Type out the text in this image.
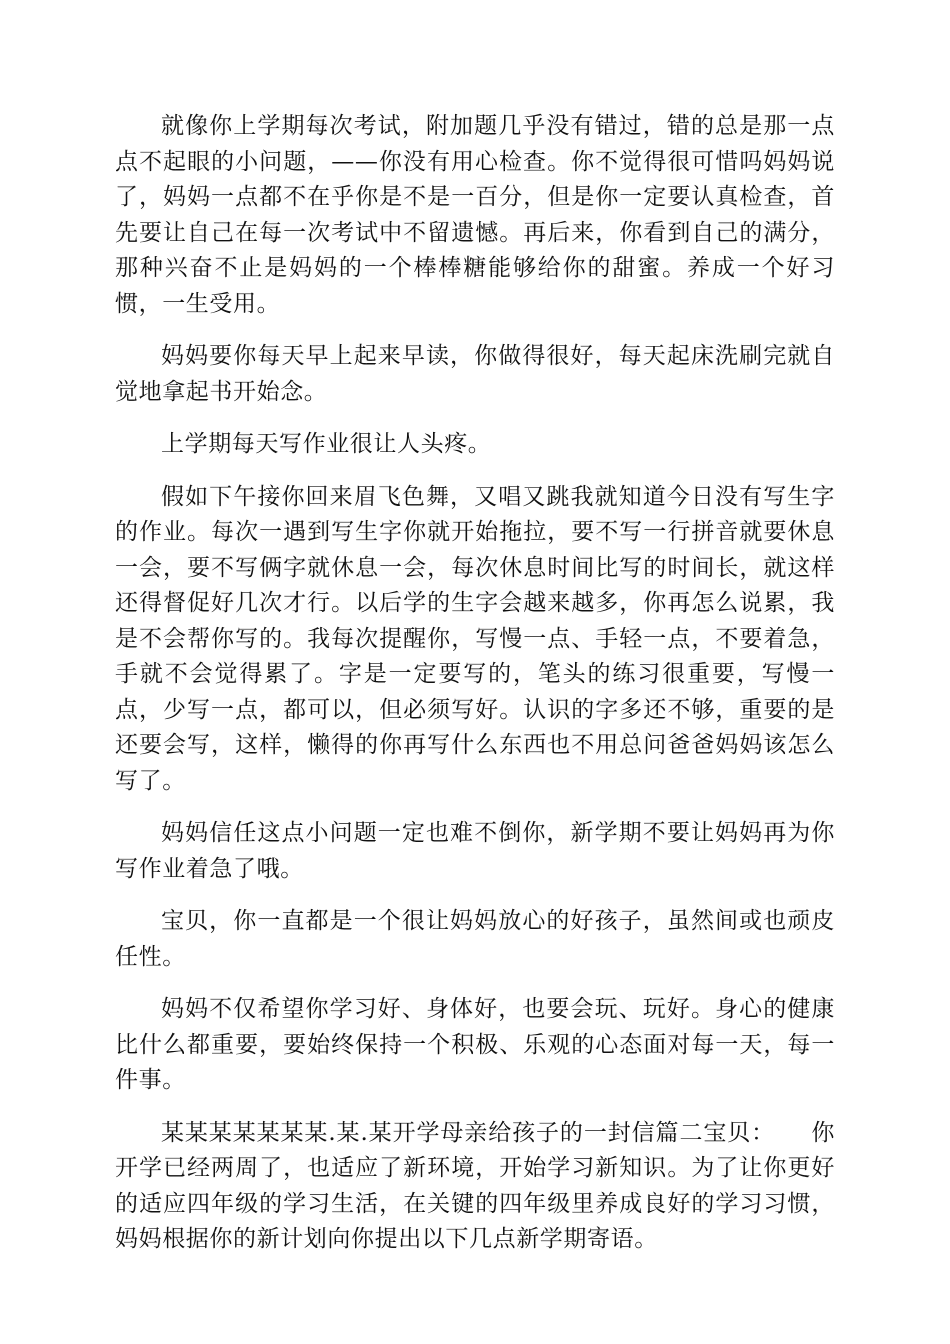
就像你上学期每次考试，附加题几乎没有错过，错的总是那一点点不起眼的小问题，——你没有用心检查。你不觉得很可惜吗妈妈说了，妈妈一点都不在乎你是不是一百分，但是你一定要认真检查，首先要让自己在每一次考试中不留遗憾。再后来，你看到自己的满分，那种兴奋不止是妈妈的一个棒棒糖能够给你的甜蜜。养成一个好习惯，一生受用。

妈妈要你每天早上起来早读，你做得很好，每天起床洗刷完就自觉地拿起书开始念。

上学期每天写作业很让人头疼。

假如下午接你回来眉飞色舞，又唱又跳我就知道今日没有写生字的作业。每次一遇到写生字你就开始拖拉，要不写一行拼音就要休息一会，要不写俩字就休息一会，每次休息时间比写的时间长，就这样还得督促好几次才行。以后学的生字会越来越多，你再怎么说累，我是不会帮你写的。我每次提醒你，写慢一点、手轻一点，不要着急，手就不会觉得累了。字是一定要写的，笔头的练习很重要，写慢一点，少写一点，都可以，但必须写好。认识的字多还不够，重要的是还要会写，这样，懒得的你再写什么东西也不用总问爸爸妈妈该怎么写了。

妈妈信任这点小问题一定也难不倒你，新学期不要让妈妈再为你写作业着急了哦。

宝贝，你一直都是一个很让妈妈放心的好孩子，虽然间或也顽皮任性。

妈妈不仅希望你学习好、身体好，也要会玩、玩好。身心的健康比什么都重要，要始终保持一个积极、乐观的心态面对每一天，每一件事。

某某某某某某某.某.某开学母亲给孩子的一封信篇二宝贝：　　你开学已经两周了，也适应了新环境，开始学习新知识。为了让你更好的适应四年级的学习生活，在关键的四年级里养成良好的学习习惯，妈妈根据你的新计划向你提出以下几点新学期寄语。
